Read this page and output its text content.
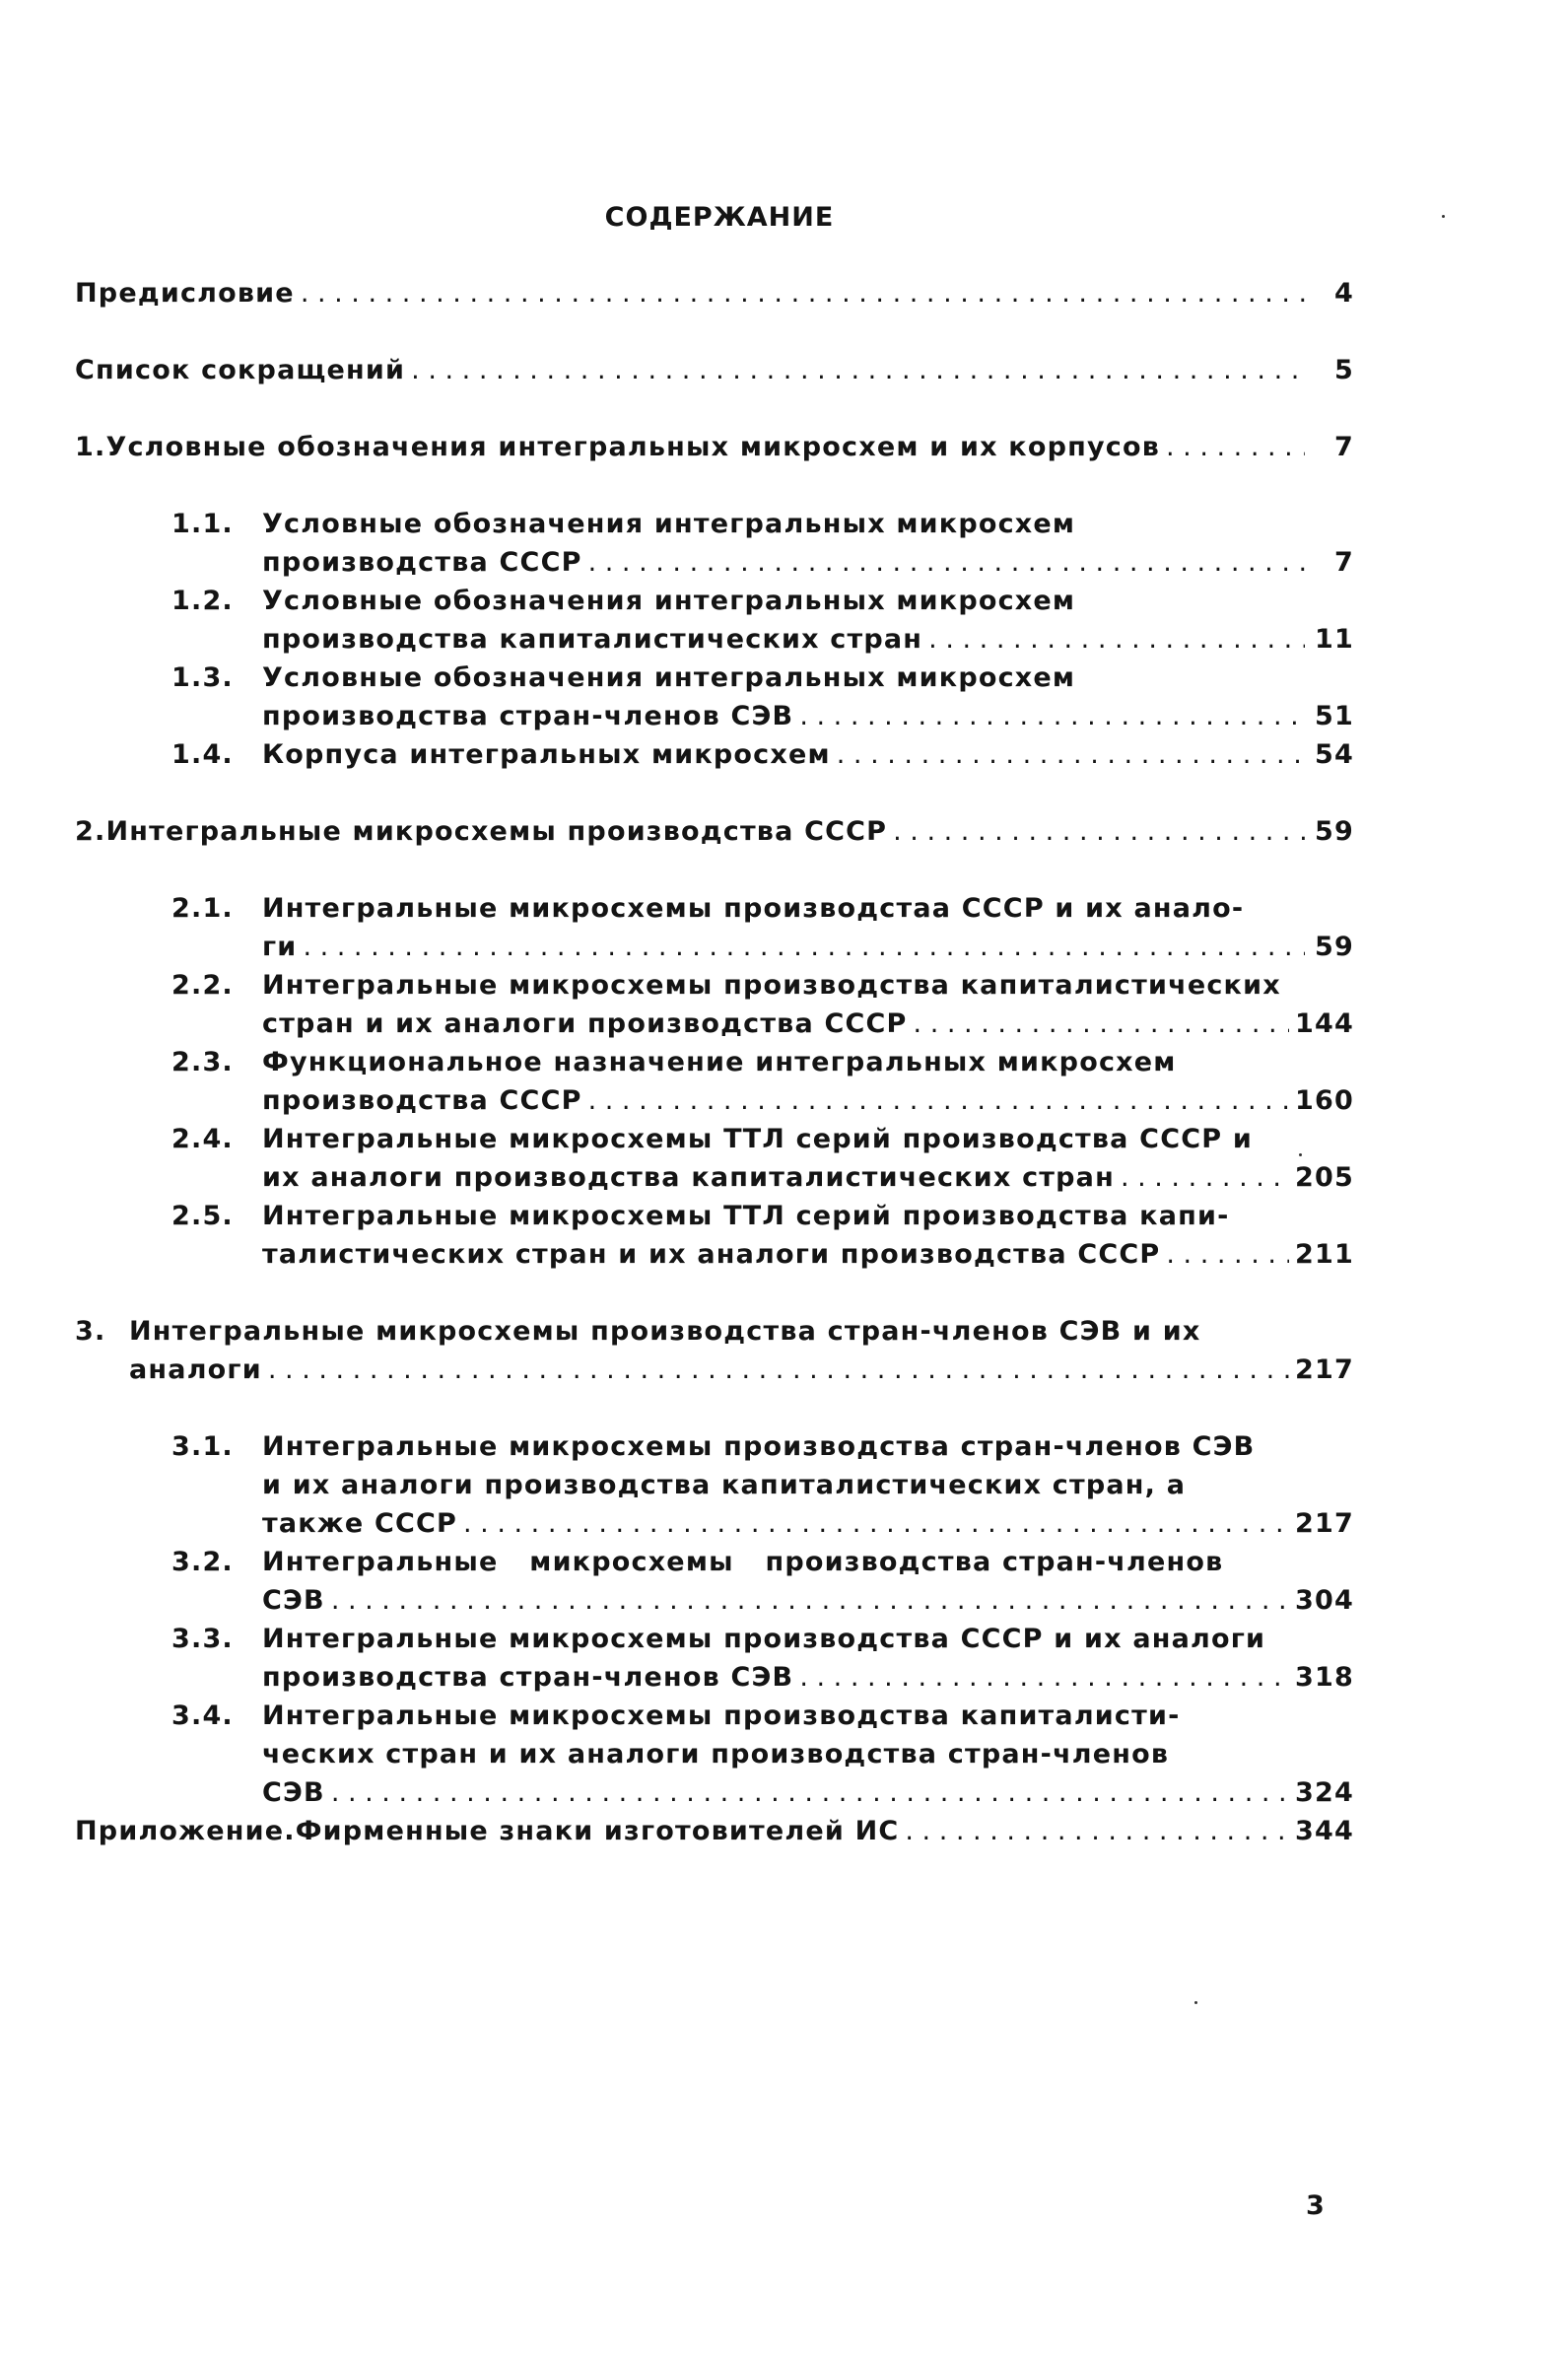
СОДЕРЖАНИЕ
Предисловие . . .	4
Список сокращений . . .	5
1. Условные обозначения интегральных микросхем и их корпусов . . .	7
1.1. Условные обозначения интегральных микросхем
производства СССР . . .	7
1.2. Условные обозначения интегральных микросхем
производства капиталистических стран . . .	11
1.3. Условные обозначения интегральных микросхем
производства стран-членов СЭВ . . .	51
1.4. Корпуса интегральных микросхем . . .	54
2. Интегральные микросхемы производства СССР . . .	59
2.1. Интегральные микросхемы производстаа СССР и их анало-
ги . . .	59
2.2. Интегральные микросхемы производства капиталистических
стран и их аналоги производства СССР . . .	144
2.3. Функциональное назначение интегральных микросхем
производства СССР . . .	160
2.4. Интегральные микросхемы ТТЛ серий производства СССР и
их аналоги производства капиталистических стран . . .	205
2.5. Интегральные микросхемы ТТЛ серий производства капи-
талистических стран и их аналоги производства СССР . . .	211
3. Интегральные микросхемы производства стран-членов СЭВ и их
аналоги . . .	217
3.1. Интегральные микросхемы производства стран-членов СЭВ
и их аналоги производства капиталистических стран, а
также СССР . . .	217
3.2. Интегральные   микросхемы   производства стран-членов
СЭВ . . .	304
3.3. Интегральные микросхемы производства СССР и их аналоги
производства стран-членов СЭВ . . .	318
3.4. Интегральные микросхемы производства капиталисти-
ческих стран и их аналоги производства стран-членов
СЭВ . . .	324
Приложение.Фирменные знаки изготовителей ИС . . .	344
3
